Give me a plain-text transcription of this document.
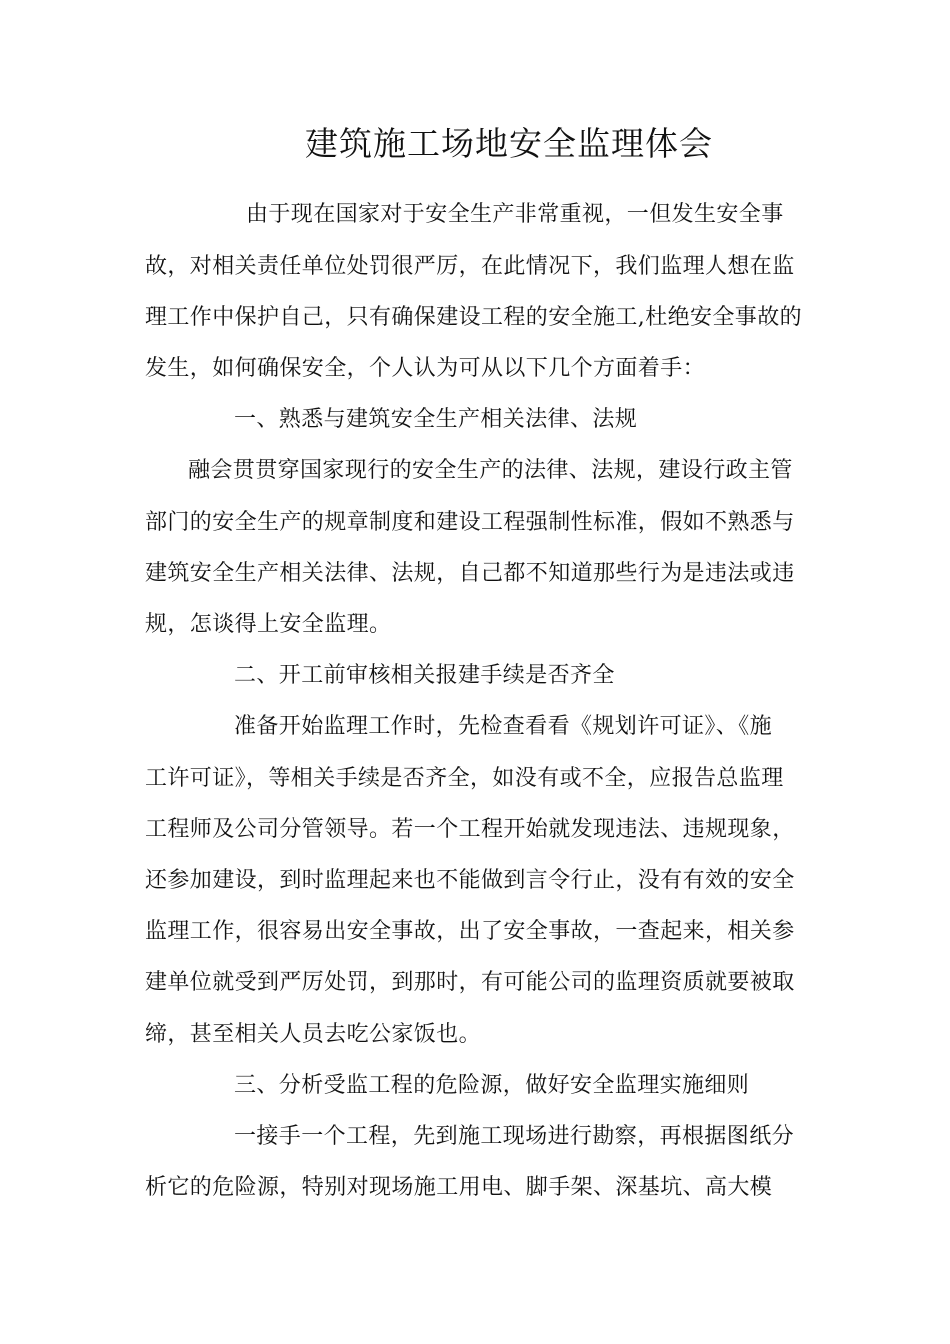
建筑施工场地安全监理体会
由于现在国家对于安全生产非常重视，一但发生安全事
故，对相关责任单位处罚很严厉，在此情况下，我们监理人想在监
理工作中保护自己，只有确保建设工程的安全施工,杜绝安全事故的
发生，如何确保安全，个人认为可从以下几个方面着手：
一、熟悉与建筑安全生产相关法律、法规
融会贯贯穿国家现行的安全生产的法律、法规，建设行政主管
部门的安全生产的规章制度和建设工程强制性标准，假如不熟悉与
建筑安全生产相关法律、法规，自己都不知道那些行为是违法或违
规，怎谈得上安全监理。
二、开工前审核相关报建手续是否齐全
准备开始监理工作时，先检查看看《规划许可证》、《施
工许可证》，等相关手续是否齐全，如没有或不全，应报告总监理
工程师及公司分管领导。若一个工程开始就发现违法、违规现象，
还参加建设，到时监理起来也不能做到言令行止，没有有效的安全
监理工作，很容易出安全事故，出了安全事故，一查起来，相关参
建单位就受到严厉处罚，到那时，有可能公司的监理资质就要被取
缔，甚至相关人员去吃公家饭也。
三、分析受监工程的危险源，做好安全监理实施细则
一接手一个工程，先到施工现场进行勘察，再根据图纸分
析它的危险源，特别对现场施工用电、脚手架、深基坑、高大模
